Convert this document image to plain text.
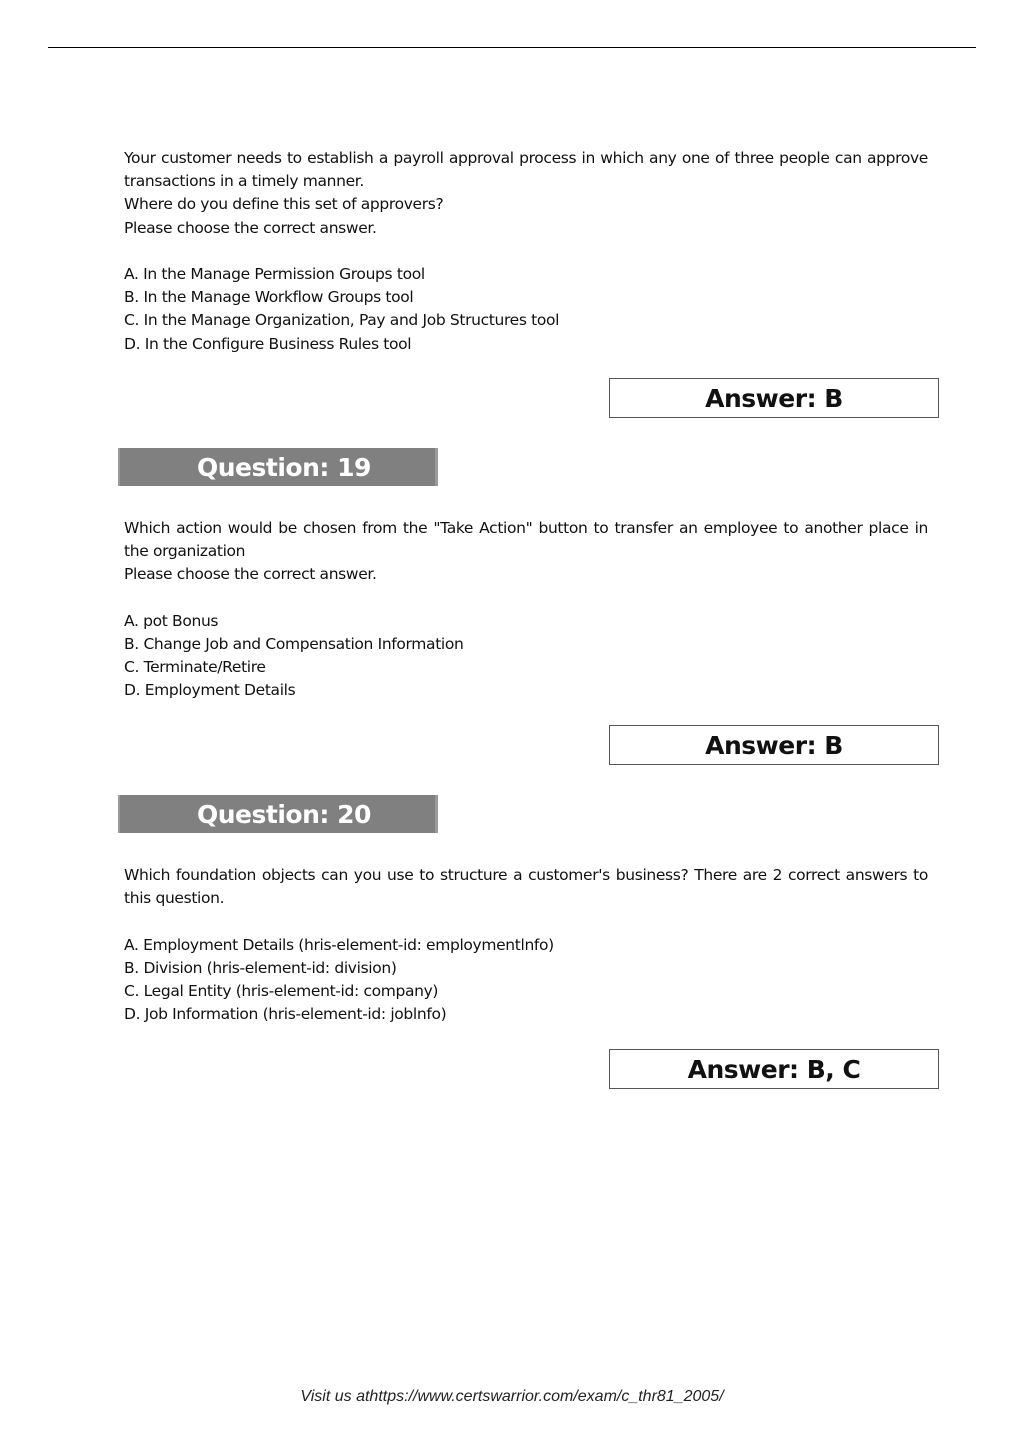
Your customer needs to establish a payroll approval process in which any one of three people can approve transactions in a timely manner.

Where do you define this set of approvers?

Please choose the correct answer.

A. In the Manage Permission Groups tool

B. In the Manage Workflow Groups tool

C. In the Manage Organization, Pay and Job Structures tool

D. In the Configure Business Rules tool

Answer: B
Question: 19

Which action would be chosen from the "Take Action" button to transfer an employee to another place in the organization

Please choose the correct answer.

A. pot Bonus

B. Change Job and Compensation Information

C. Terminate/Retire

D. Employment Details

Answer: B
Question: 20

Which foundation objects can you use to structure a customer's business? There are 2 correct answers to this question.

A. Employment Details (hris-element-id: employmentlnfo)

B. Division (hris-element-id: division)

C. Legal Entity (hris-element-id: company)

D. Job Information (hris-element-id: joblnfo)

Answer: B, C
Visit us athttps://www.certswarrior.com/exam/c_thr81_2005/
